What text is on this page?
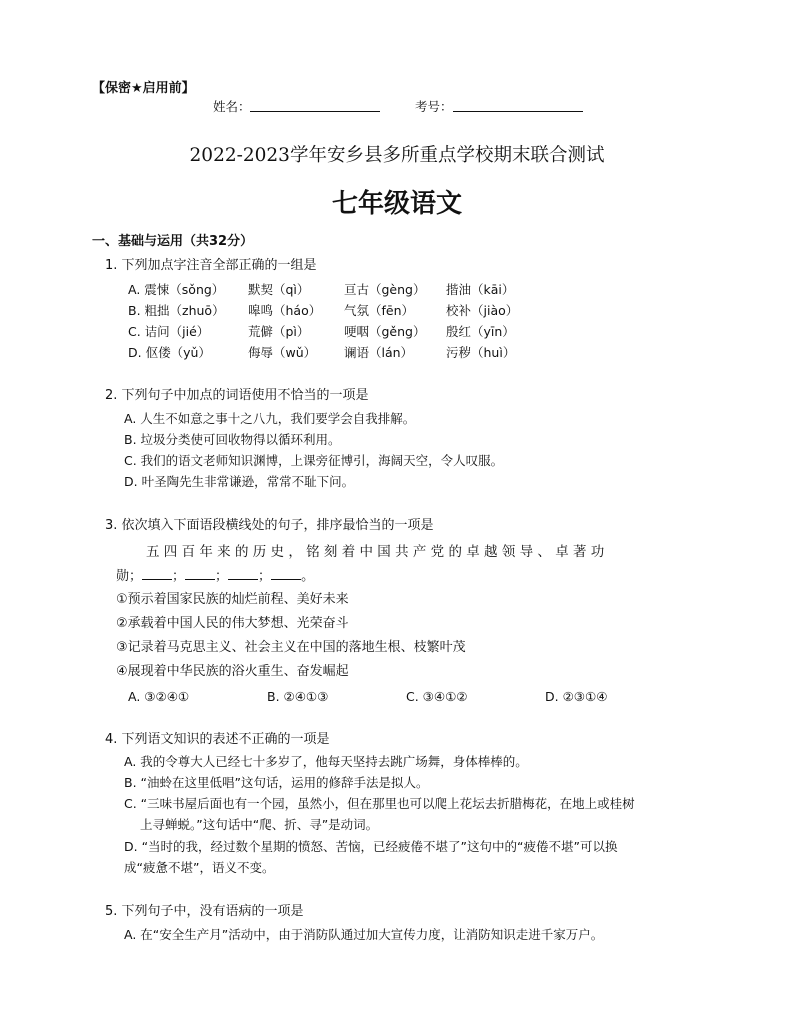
【保密★启用前】
姓名：	考号：
2022-2023学年安乡县多所重点学校期末联合测试
七年级语文
一、基础与运用（共32分）
1. 下列加点字注音全部正确的一组是
A. 震悚（sǒng） 默契（qì）	亘古（gèng） 揩油（kāi）
B. 粗拙（zhuō） 嗥鸣（háo） 气氛（fēn）	校补（jiào）
C. 诘问（jié）	荒僻（pì）	哽咽（gěng） 殷红（yīn）
D. 伛偻（yǔ）	侮辱（wǔ） 谰语（lán）	污秽（huì）
2. 下列句子中加点的词语使用不恰当的一项是
A. 人生不如意之事十之八九，我们要学会自我排解。
B. 垃圾分类使可回收物得以循环利用。
C. 我们的语文老师知识渊博，上课旁征博引，海阔天空，令人叹服。
D. 叶圣陶先生非常谦逊，常常不耻下问。
3. 依次填入下面语段横线处的句子，排序最恰当的一项是
五 四 百 年 来 的 历 史 ， 铭 刻 着 中 国 共 产 党 的 卓 越 领 导 、 卓 著 功
勋； ； ； ； 。
①预示着国家民族的灿烂前程、美好未来
②承载着中国人民的伟大梦想、光荣奋斗
③记录着马克思主义、社会主义在中国的落地生根、枝繁叶茂
④展现着中华民族的浴火重生、奋发崛起
A. ③②④①	B. ②④①③	C. ③④①②	D. ②③①④
4. 下列语文知识的表述不正确的一项是
A. 我的令尊大人已经七十多岁了，他每天坚持去跳广场舞，身体棒棒的。
B. “油蛉在这里低唱”这句话，运用的修辞手法是拟人。
C. “三味书屋后面也有一个园，虽然小，但在那里也可以爬上花坛去折腊梅花，在地上或桂树
上寻蝉蜕。”这句话中“爬、折、寻”是动词。
D. “当时的我，经过数个星期的愤怒、苦恼，已经疲倦不堪了”这句中的“疲倦不堪”可以换
成“疲惫不堪”，语义不变。
5. 下列句子中，没有语病的一项是
A. 在“安全生产月”活动中，由于消防队通过加大宣传力度，让消防知识走进千家万户。
